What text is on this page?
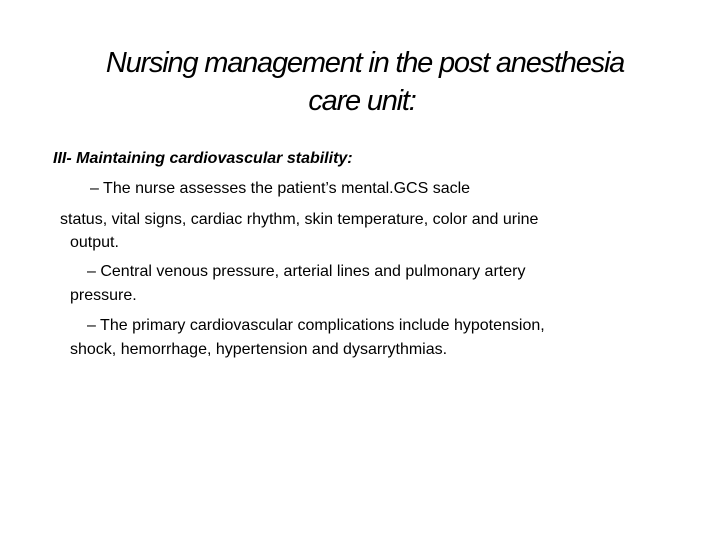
Nursing management in the post anesthesia
care unit:
III- Maintaining cardiovascular stability:
‒ The nurse assesses the patient’s mental.GCS sacle
status, vital signs, cardiac rhythm, skin temperature, color and urine
output.
‒ Central venous pressure, arterial lines and pulmonary artery
pressure.
‒ The primary cardiovascular complications include hypotension,
shock, hemorrhage, hypertension and dysarrythmias.
